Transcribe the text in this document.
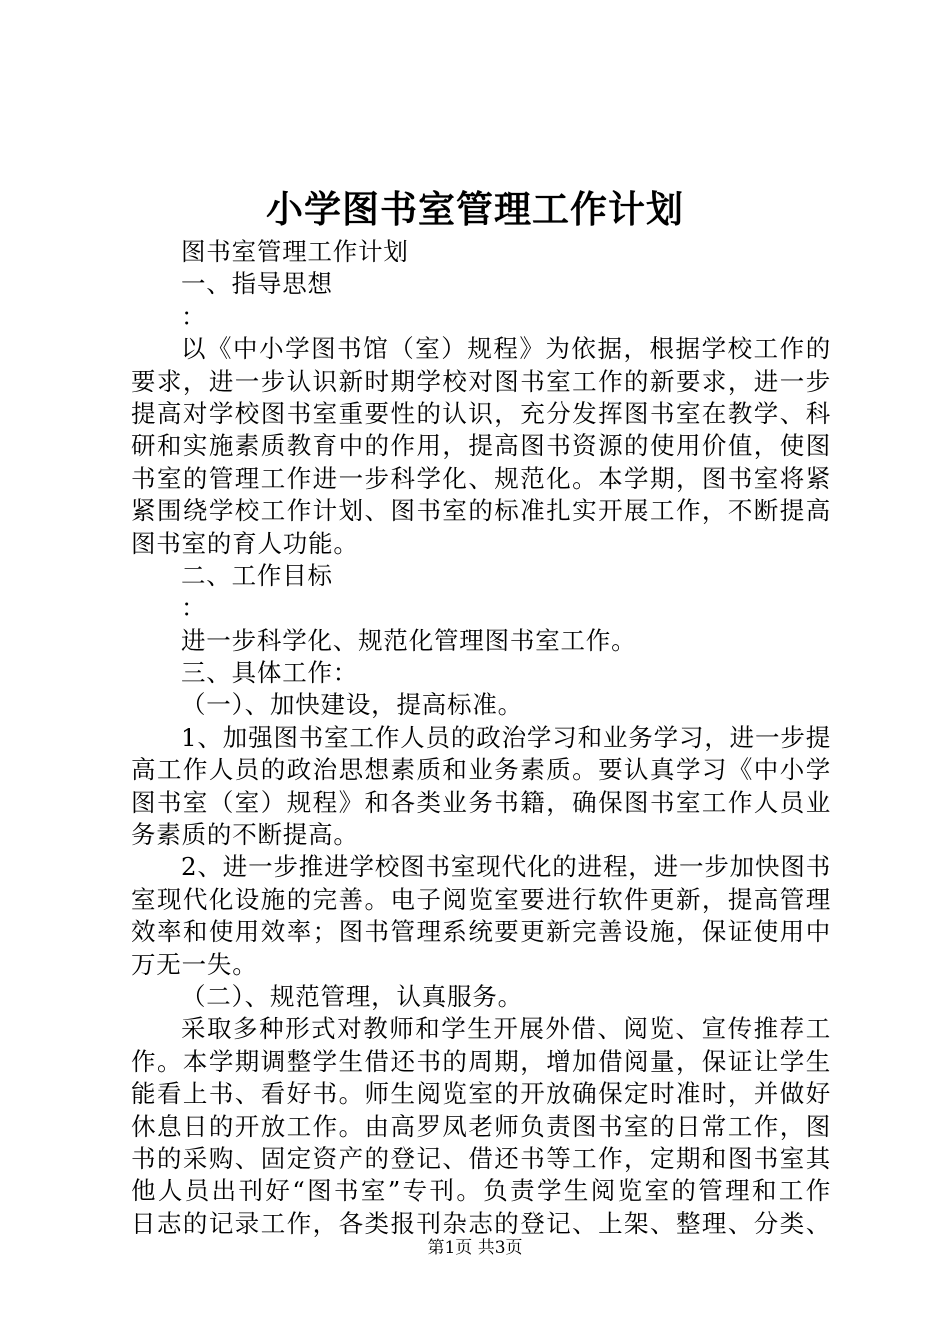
小学图书室管理工作计划
图书室管理工作计划
一、指导思想
：
以《中小学图书馆（室）规程》为依据，根据学校工作的
要求，进一步认识新时期学校对图书室工作的新要求，进一步
提高对学校图书室重要性的认识，充分发挥图书室在教学、科
研和实施素质教育中的作用，提高图书资源的使用价值，使图
书室的管理工作进一步科学化、规范化。本学期，图书室将紧
紧围绕学校工作计划、图书室的标准扎实开展工作，不断提高
图书室的育人功能。
二、工作目标
：
进一步科学化、规范化管理图书室工作。
三、具体工作：
（一）、加快建设，提高标准。
1、加强图书室工作人员的政治学习和业务学习，进一步提
高工作人员的政治思想素质和业务素质。要认真学习《中小学
图书室（室）规程》和各类业务书籍，确保图书室工作人员业
务素质的不断提高。
2、进一步推进学校图书室现代化的进程，进一步加快图书
室现代化设施的完善。电子阅览室要进行软件更新，提高管理
效率和使用效率；图书管理系统要更新完善设施，保证使用中
万无一失。
（二）、规范管理，认真服务。
采取多种形式对教师和学生开展外借、阅览、宣传推荐工
作。本学期调整学生借还书的周期，增加借阅量，保证让学生
能看上书、看好书。师生阅览室的开放确保定时准时，并做好
休息日的开放工作。由高罗凤老师负责图书室的日常工作，图
书的采购、固定资产的登记、借还书等工作，定期和图书室其
他人员出刊好“图书室”专刊。负责学生阅览室的管理和工作
日志的记录工作，各类报刊杂志的登记、上架、整理、分类、
第1页 共3页
